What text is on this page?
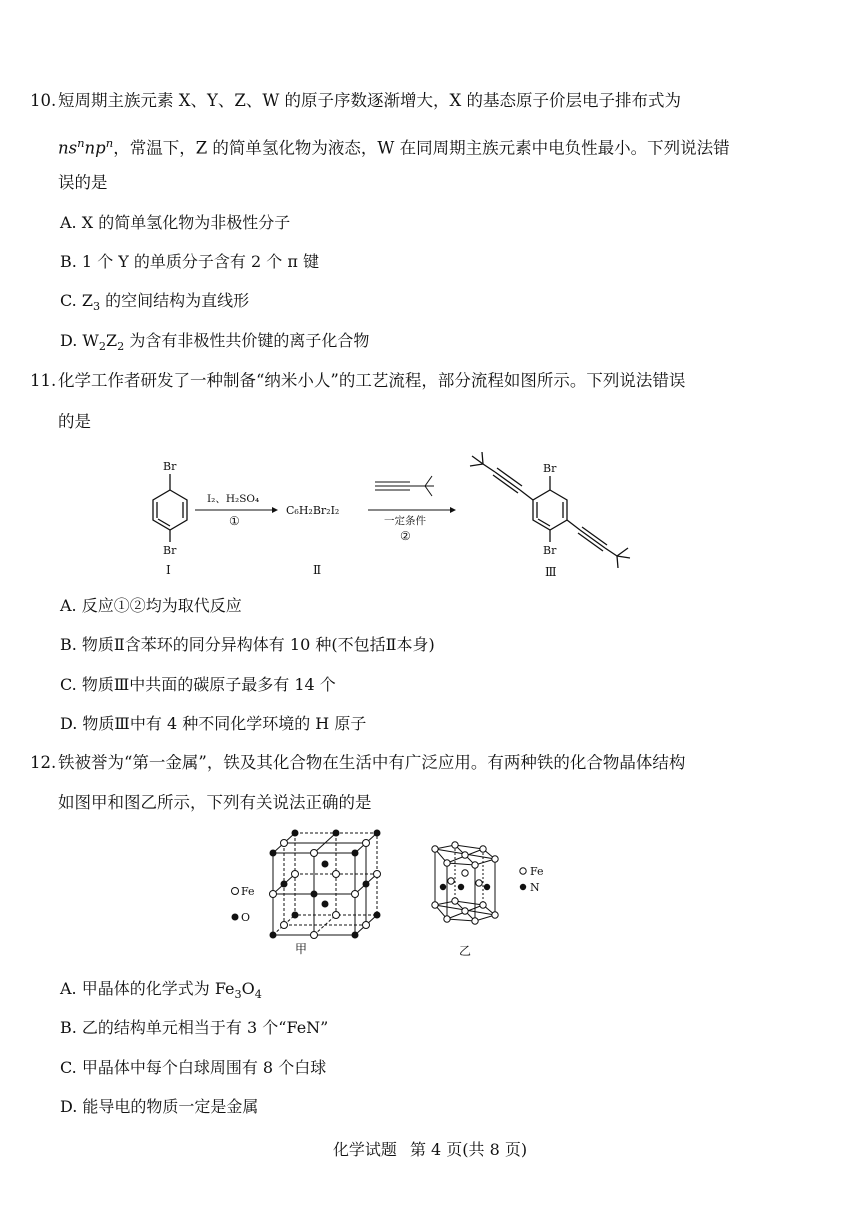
10. 短周期主族元素 X、Y、Z、W 的原子序数逐渐增大，X 的基态原子价层电子排布式为
$ns^nnp^n$，常温下，Z 的简单氢化物为液态，W 在同周期主族元素中电负性最小。下列说法错
误的是
A. X 的简单氢化物为非极性分子
B. 1 个 Y 的单质分子含有 2 个 π 键
C. $Z_3$ 的空间结构为直线形
D. $W_2Z_2$ 为含有非极性共价键的离子化合物
11. 化学工作者研发了一种制备“纳米小人”的工艺流程，部分流程如图所示。下列说法错误
的是
Br
Br
I
I₂、H₂SO₄
①
C₆H₂Br₂I₂
Ⅱ
一定条件
②
Br
Br
Ⅲ
A. 反应①②均为取代反应
B. 物质Ⅱ含苯环的同分异构体有 10 种(不包括Ⅱ本身)
C. 物质Ⅲ中共面的碳原子最多有 14 个
D. 物质Ⅲ中有 4 种不同化学环境的 H 原子
12. 铁被誉为“第一金属”，铁及其化合物在生活中有广泛应用。有两种铁的化合物晶体结构
如图甲和图乙所示，下列有关说法正确的是
Fe
O
甲
Fe
N
乙
A. 甲晶体的化学式为 $Fe_3O_4$
B. 乙的结构单元相当于有 3 个“FeN”
C. 甲晶体中每个白球周围有 8 个白球
D. 能导电的物质一定是金属
化学试题 第 4 页(共 8 页)
